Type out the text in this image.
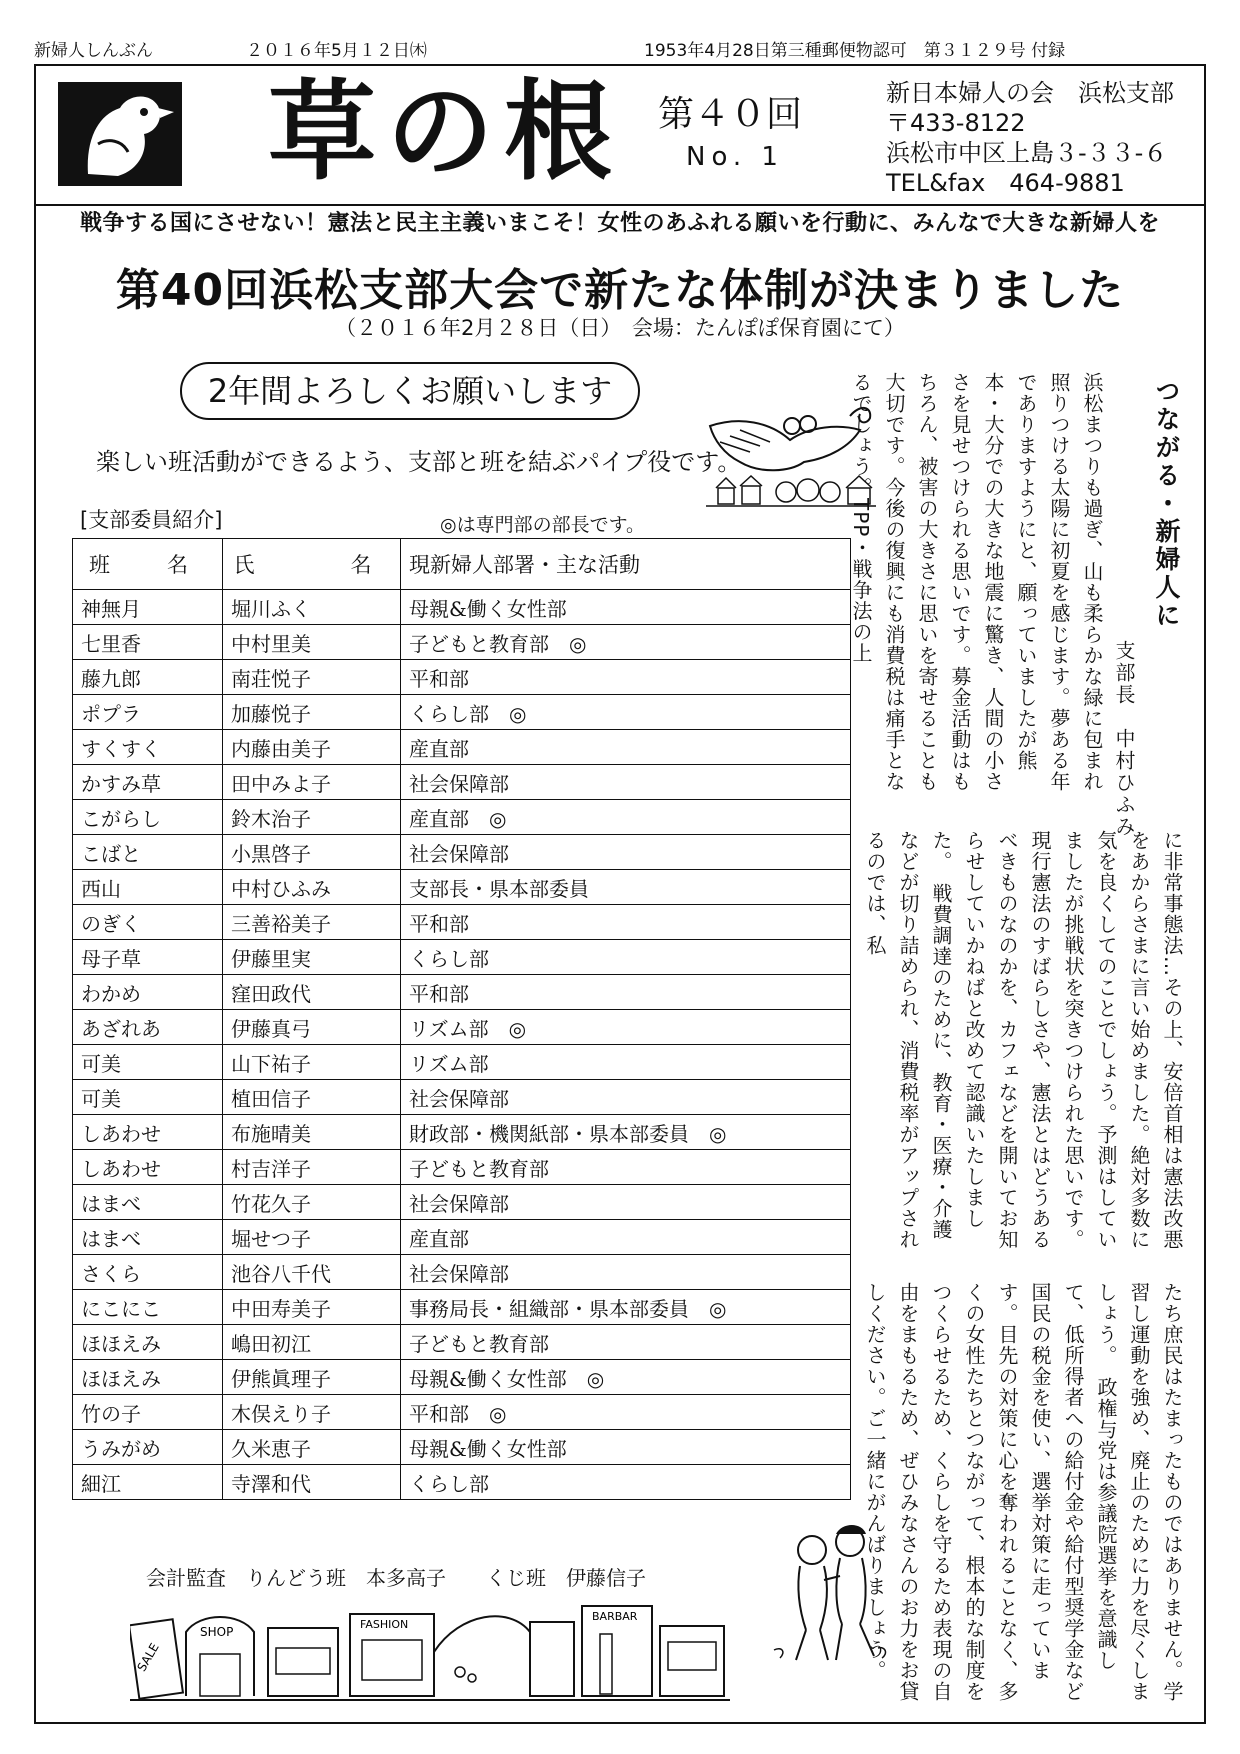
新婦人しんぶん	２０１６年5月１２日㈭	1953年4月28日第三種郵便物認可　第３１２９号 付録
草の根 第４０回
No. 1
新日本婦人の会　浜松支部
〒433-8122
浜松市中区上島３-３３-６
TEL&fax　464-9881
戦争する国にさせない！憲法と民主主義いまこそ！女性のあふれる願いを行動に、みんなで大きな新婦人を
第40回浜松支部大会で新たな体制が決まりました
（２０１６年2月２８日（日）　会場：たんぽぽ保育園にて）
2年間よろしくお願いします
楽しい班活動ができるよう、支部と班を結ぶパイプ役です。
[支部委員紹介]	◎は専門部の部長です。
班　名	氏　　名	現新婦人部署・主な活動
神無月	堀川ふく	母親&働く女性部
七里香	中村里美	子どもと教育部　◎
藤九郎	南荘悦子	平和部
ポプラ	加藤悦子	くらし部　◎
すくすく	内藤由美子	産直部
かすみ草	田中みよ子	社会保障部
こがらし	鈴木治子	産直部　◎
こばと	小黒啓子	社会保障部
西山	中村ひふみ	支部長・県本部委員
のぎく	三善裕美子	平和部
母子草	伊藤里実	くらし部
わかめ	窪田政代	平和部
あざれあ	伊藤真弓	リズム部　◎
可美	山下祐子	リズム部
可美	植田信子	社会保障部
しあわせ	布施晴美	財政部・機関紙部・県本部委員　◎
しあわせ	村吉洋子	子どもと教育部
はまべ	竹花久子	社会保障部
はまべ	堀せつ子	産直部
さくら	池谷八千代	社会保障部
にこにこ	中田寿美子	事務局長・組織部・県本部委員　◎
ほほえみ	嶋田初江	子どもと教育部
ほほえみ	伊熊眞理子	母親&働く女性部　◎
竹の子	木俣えり子	平和部　◎
うみがめ	久米恵子	母親&働く女性部
細江	寺澤和代	くらし部
会計監査　りんどう班　本多高子　　くじ班　伊藤信子
SALE
SHOP
FASHION
BARBAR
つながる・新婦人に
支部長　中村ひふみ
浜松まつりも過ぎ、山も柔らかな緑に包まれ照りつける太陽に初夏を感じます。夢ある年でありますようにと、願っていましたが熊本・大分での大きな地震に驚き、人間の小ささを見せつけられる思いです。募金活動はもちろん、被害の大きさに思いを寄せることも大切です。今後の復興にも消費税は痛手となるでしょう。TPP・戦争法の上
に非常事態法…その上、安倍首相は憲法改悪をあからさまに言い始めました。絶対多数に気を良くしてのことでしょう。予測はしていましたが挑戦状を突きつけられた思いです。現行憲法のすばらしさや、憲法とはどうあるべきものなのかを、カフェなどを開いてお知らせしていかねばと改めて認識いたしました。　戦費調達のために、教育・医療・介護などが切り詰められ、消費税率がアップされるのでは、私
たち庶民はたまったものではありません。学習し運動を強め、廃止のために力を尽くしましょう。　政権与党は参議院選挙を意識して、低所得者への給付金や給付型奨学金など国民の税金を使い、選挙対策に走っています。目先の対策に心を奪われることなく、多くの女性たちとつながって、根本的な制度をつくらせるため、くらしを守るため表現の自由をまもるため、ぜひみなさんのお力をお貸しください。ご一緒にがんばりましょう。
